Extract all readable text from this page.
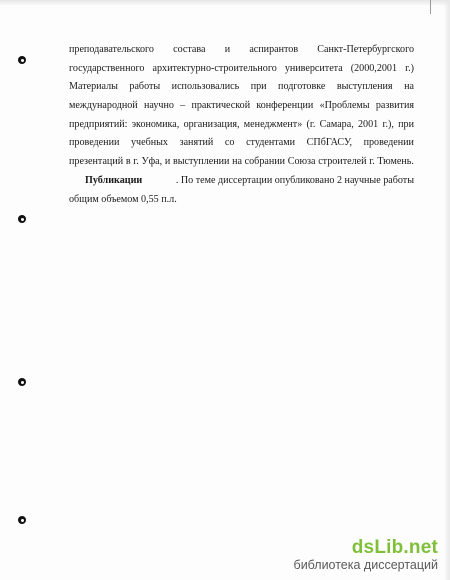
преподавательского состава и аспирантов Санкт-Петербургского
государственного архитектурно-строительного университета (2000,2001 г.)
Материалы работы использовались при подготовке выступления на
международной научно – практической конференции «Проблемы развития
предприятий: экономика, организация, менеджмент» (г. Самара, 2001 г.), при
проведении учебных занятий со студентами СПбГАСУ, проведении
презентаций в г. Уфа, и выступлении на собрании Союза строителей г. Тюмень.
Публикации	. По теме диссертации опубликовано 2 научные работы
общим объемом 0,55 п.л.
dsLib.net
библиотека диссертаций
